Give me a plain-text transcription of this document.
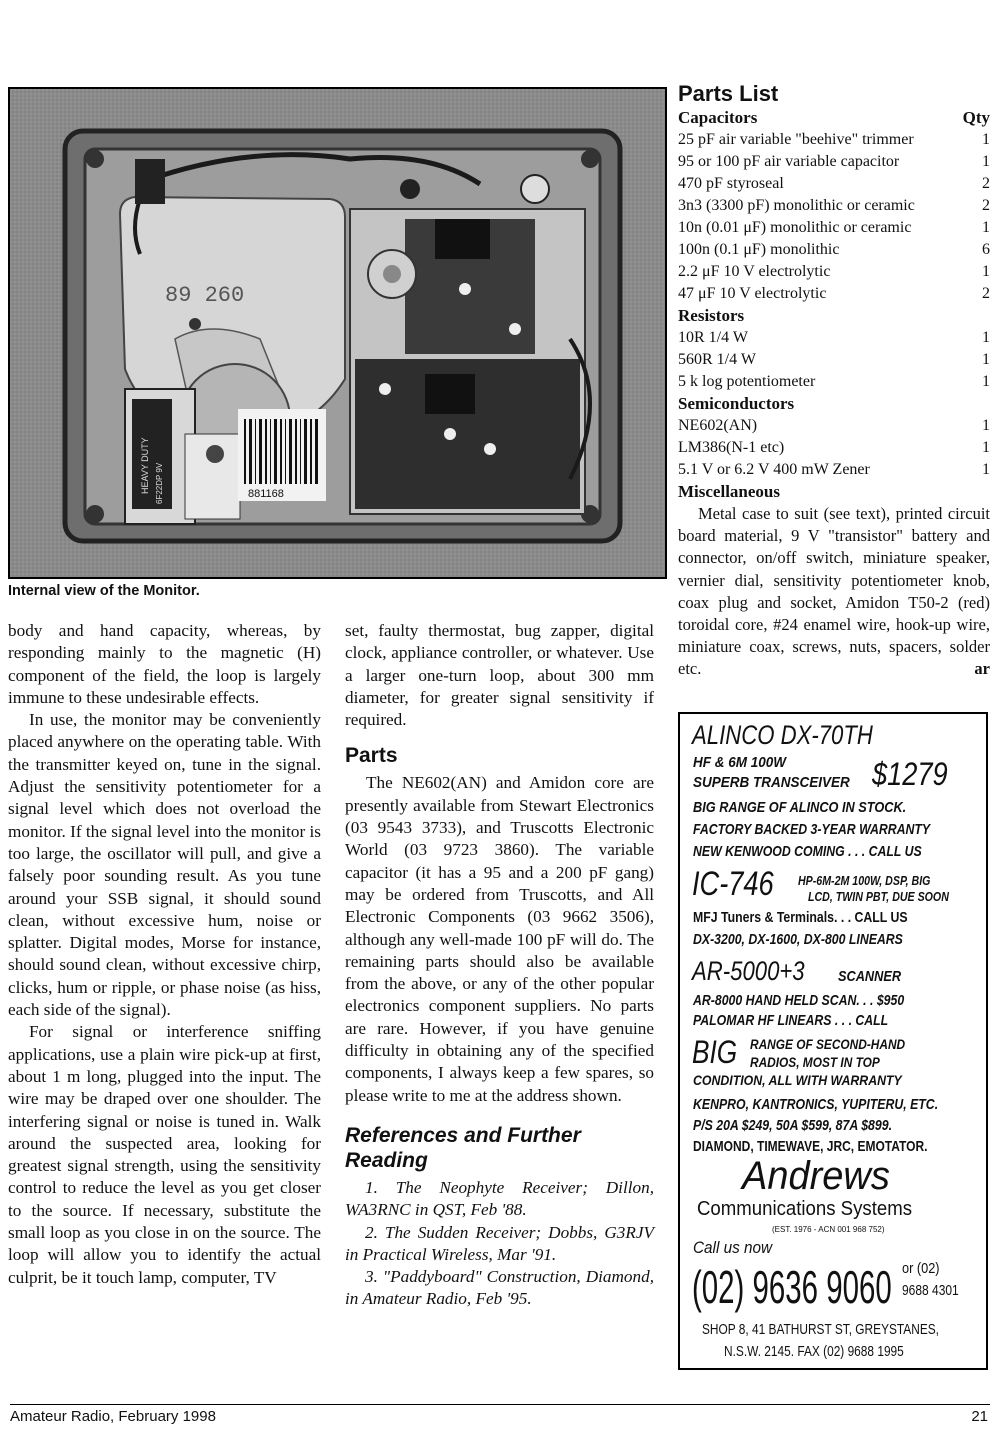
89 260
HEAVY DUTY 6F22DP 9V	881168
Internal view of the Monitor.

body and hand capacity, whereas, by responding mainly to the magnetic (H) component of the field, the loop is largely immune to these undesirable effects.

In use, the monitor may be conveniently placed anywhere on the operating table. With the transmitter keyed on, tune in the signal. Adjust the sensitivity potentiometer for a signal level which does not overload the monitor. If the signal level into the monitor is too large, the oscillator will pull, and give a falsely poor sounding result. As you tune around your SSB signal, it should sound clean, without excessive hum, noise or splatter. Digital modes, Morse for instance, should sound clean, without excessive chirp, clicks, hum or ripple, or phase noise (as hiss, each side of the signal).

For signal or interference sniffing applications, use a plain wire pick-up at first, about 1 m long, plugged into the input. The wire may be draped over one shoulder. The interfering signal or noise is tuned in. Walk around the suspected area, looking for greatest signal strength, using the sensitivity control to reduce the level as you get closer to the source. If necessary, substitute the small loop as you close in on the source. The loop will allow you to identify the actual culprit, be it touch lamp, computer, TV

set, faulty thermostat, bug zapper, digital clock, appliance controller, or whatever. Use a larger one-turn loop, about 300 mm diameter, for greater signal sensitivity if required.

Parts

The NE602(AN) and Amidon core are presently available from Stewart Electronics (03 9543 3733), and Truscotts Electronic World (03 9723 3860). The variable capacitor (it has a 95 and a 200 pF gang) may be ordered from Truscotts, and All Electronic Components (03 9662 3506), although any well-made 100 pF will do. The remaining parts should also be available from the above, or any of the other popular electronics component suppliers. No parts are rare. However, if you have genuine difficulty in obtaining any of the specified components, I always keep a few spares, so please write to me at the address shown.

References and Further
Reading

1. The Neophyte Receiver; Dillon, WA3RNC in QST, Feb '88.

2. The Sudden Receiver; Dobbs, G3RJV in Practical Wireless, Mar '91.

3. "Paddyboard" Construction, Diamond, in Amateur Radio, Feb '95.

Parts List
Capacitors	Qty
25 pF air variable "beehive" trimmer	1
95 or 100 pF air variable capacitor	1
470 pF styroseal	2
3n3 (3300 pF) monolithic or ceramic	2
10n (0.01 μF) monolithic or ceramic	1
100n (0.1 μF) monolithic	6
2.2 μF 10 V electrolytic	1
47 μF 10 V electrolytic	2
Resistors
10R 1/4 W	1
560R 1/4 W	1
5 k log potentiometer	1
Semiconductors
NE602(AN)	1
LM386(N-1 etc)	1
5.1 V or 6.2 V 400 mW Zener	1
Miscellaneous

Metal case to suit (see text), printed circuit board material, 9 V "transistor" battery and connector, on/off switch, miniature speaker, vernier dial, sensitivity potentiometer knob, coax plug and socket, Amidon T50-2 (red) toroidal core, #24 enamel wire, hook-up wire, miniature coax, screws, nuts, spacers, solder etc.	ar

ALINCO DX-70TH
HF & 6M 100W
SUPERB TRANSCEIVER $1279
BIG RANGE OF ALINCO IN STOCK.
FACTORY BACKED 3-YEAR WARRANTY
NEW KENWOOD COMING . . . CALL US
IC-746 HP-6M-2M 100W, DSP, BIG
LCD, TWIN PBT, DUE SOON
MFJ Tuners & Terminals. . . CALL US
DX-3200, DX-1600, DX-800 LINEARS
AR-5000+3 SCANNER
AR-8000 HAND HELD SCAN. . . $950
PALOMAR HF LINEARS . . . CALL
BIG RANGE OF SECOND-HAND
RADIOS, MOST IN TOP
CONDITION, ALL WITH WARRANTY
KENPRO, KANTRONICS, YUPITERU, ETC.
P/S 20A $249, 50A $599, 87A $899.
DIAMOND, TIMEWAVE, JRC, EMOTATOR.
Andrews
Communications Systems
(EST. 1976 - ACN 001 968 752)
Call us now
(02) 9636 9060 or (02)
9688 4301
SHOP 8, 41 BATHURST ST, GREYSTANES,
N.S.W. 2145. FAX (02) 9688 1995
Amateur Radio, February 1998	21
